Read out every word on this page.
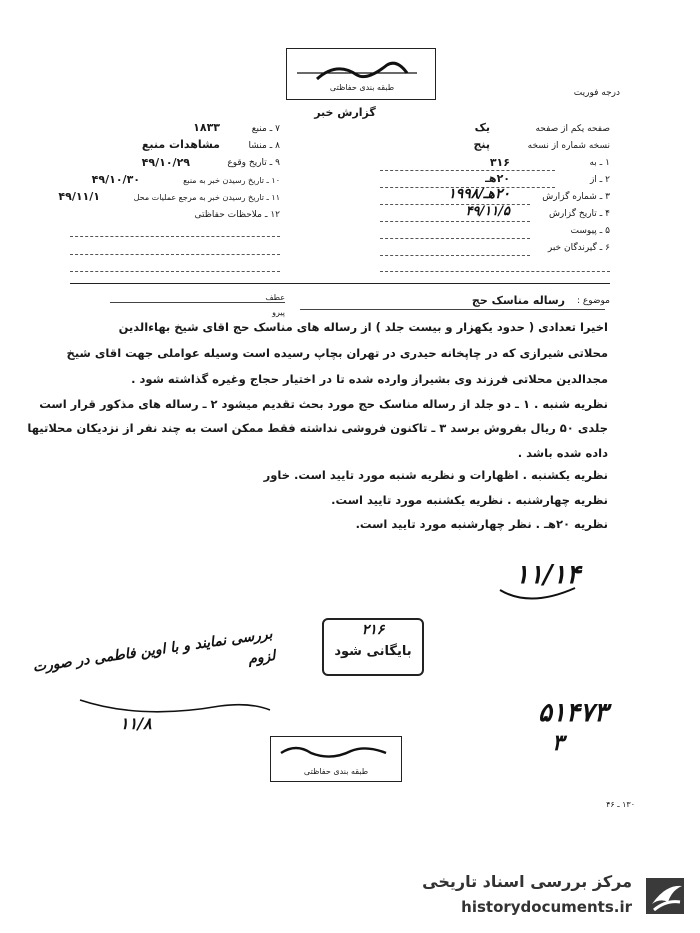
طبقه بندی حفاظتی
درجه فوریت
گزارش خبر
صفحه یکم از صفحه
یک
نسخه شماره از نسخه
پنج
۱ ـ به
۳۱۶
۲ ـ از
۲۰هـ
۳ ـ شماره گزارش
۲۰هـ/۱۹۹۸
۴ ـ تاریخ گزارش
۴۹/۱۱/۵
۵ ـ پیوست
۶ ـ گیرندگان خبر
۷ ـ منبع
۱۸۳۳
۸ ـ منشا
مشاهدات منبع
۹ ـ تاریخ وقوع
۴۹/۱۰/۲۹
۱۰ ـ تاریخ رسیدن خبر به منبع
۴۹/۱۰/۳۰
۱۱ ـ تاریخ رسیدن خبر به مرجع عملیات محل
۴۹/۱۱/۱
۱۲ ـ ملاحظات حفاظتی
عطف
پیرو
موضوع :
رساله مناسک حج
اخیرا تعدادی ( حدود یکهزار و بیست جلد ) از رساله های مناسک حج اقای شیخ بهاءالدین
محلاتی شیرازی که در چاپخانه حیدری در تهران بچاپ رسیده است وسیله عواملی جهت اقای شیخ
مجدالدین محلاتی فرزند وی بشیراز وارده شده تا در اختیار حجاج وغیره گذاشته شود .
نظریه شنبه . ۱ ـ دو جلد از رساله مناسک حج مورد بحث تقدیم میشود ۲ ـ رساله های مذکور قرار است
جلدی ۵۰ ریال بفروش برسد ۳ ـ تاکنون فروشی نداشته فقط ممکن است به چند نفر از نزدیکان محلاتیها
داده شده باشد .
نظریه یکشنبه . اظهارات و نظریه شنبه مورد تایید است. خاور
نظریه چهارشنبه . نظریه یکشنبه مورد تایید است.
نظریه ۲۰هـ . نظر چهارشنبه مورد تایید است.
۱۱/۱۴
بررسی نمایند و با اوین فاطمی در صورت لزوم
۱۱/۸
۲۱۶
بایگانی شود
۵۱۴۷۳
۳
طبقه بندی حفاظتی
۱۳۰ ـ ۴۶
مرکز بررسی اسناد تاریخی
historydocuments.ir
